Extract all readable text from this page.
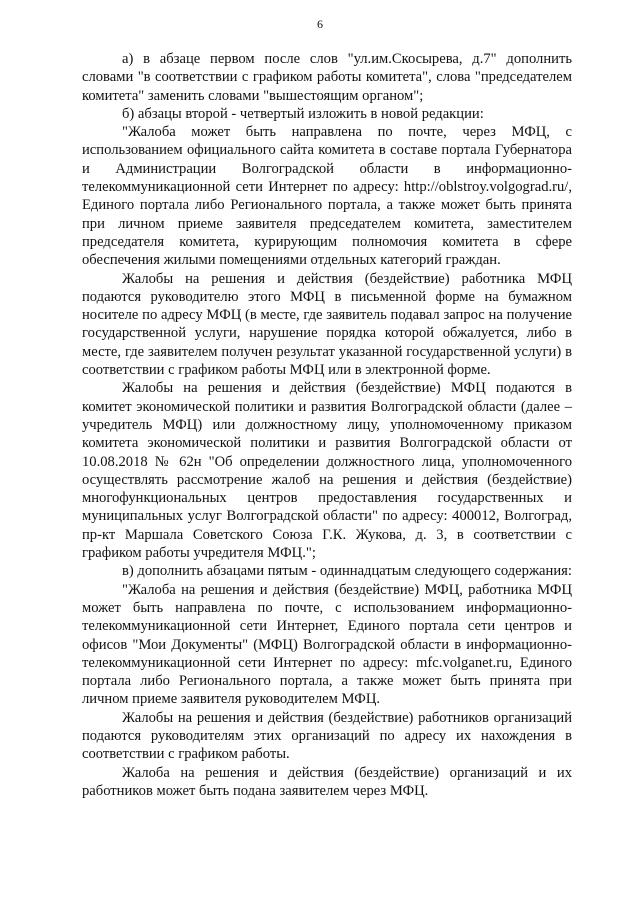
6

а) в абзаце первом после слов "ул.им.Скосырева, д.7" дополнить словами "в соответствии с графиком работы комитета", слова "председателем комитета" заменить словами "вышестоящим органом";

б) абзацы второй - четвертый изложить в новой редакции:

"Жалоба может быть направлена по почте, через МФЦ, с использованием официального сайта комитета в составе портала Губернатора и Администрации Волгоградской области в информационно-телекоммуникационной сети Интернет по адресу: http://oblstroy.volgograd.ru/, Единого портала либо Регионального портала, а также может быть принята при личном приеме заявителя председателем комитета, заместителем председателя комитета, курирующим полномочия комитета в сфере обеспечения жилыми помещениями отдельных категорий граждан.

Жалобы на решения и действия (бездействие) работника МФЦ подаются руководителю этого МФЦ в письменной форме на бумажном носителе по адресу МФЦ (в месте, где заявитель подавал запрос на получение государственной услуги, нарушение порядка которой обжалуется, либо в месте, где заявителем получен результат указанной государственной услуги) в соответствии с графиком работы МФЦ или в электронной форме.

Жалобы на решения и действия (бездействие) МФЦ подаются в комитет экономической политики и развития Волгоградской области (далее – учредитель МФЦ) или должностному лицу, уполномоченному приказом комитета экономической политики и развития Волгоградской области от 10.08.2018 № 62н "Об определении должностного лица, уполномоченного осуществлять рассмотрение жалоб на решения и действия (бездействие) многофункциональных центров предоставления государственных и муниципальных услуг Волгоградской области" по адресу: 400012, Волгоград, пр-кт Маршала Советского Союза Г.К. Жукова, д. 3, в соответствии с графиком работы учредителя МФЦ.";

в) дополнить абзацами пятым - одиннадцатым следующего содержания:

"Жалоба на решения и действия (бездействие) МФЦ, работника МФЦ может быть направлена по почте, с использованием информационно-телекоммуникационной сети Интернет, Единого портала сети центров и офисов "Мои Документы" (МФЦ) Волгоградской области в информационно-телекоммуникационной сети Интернет по адресу: mfc.volganet.ru, Единого портала либо Регионального портала, а также может быть принята при личном приеме заявителя руководителем МФЦ.

Жалобы на решения и действия (бездействие) работников организаций подаются руководителям этих организаций по адресу их нахождения в соответствии с графиком работы.

Жалоба на решения и действия (бездействие) организаций и их работников может быть подана заявителем через МФЦ.
